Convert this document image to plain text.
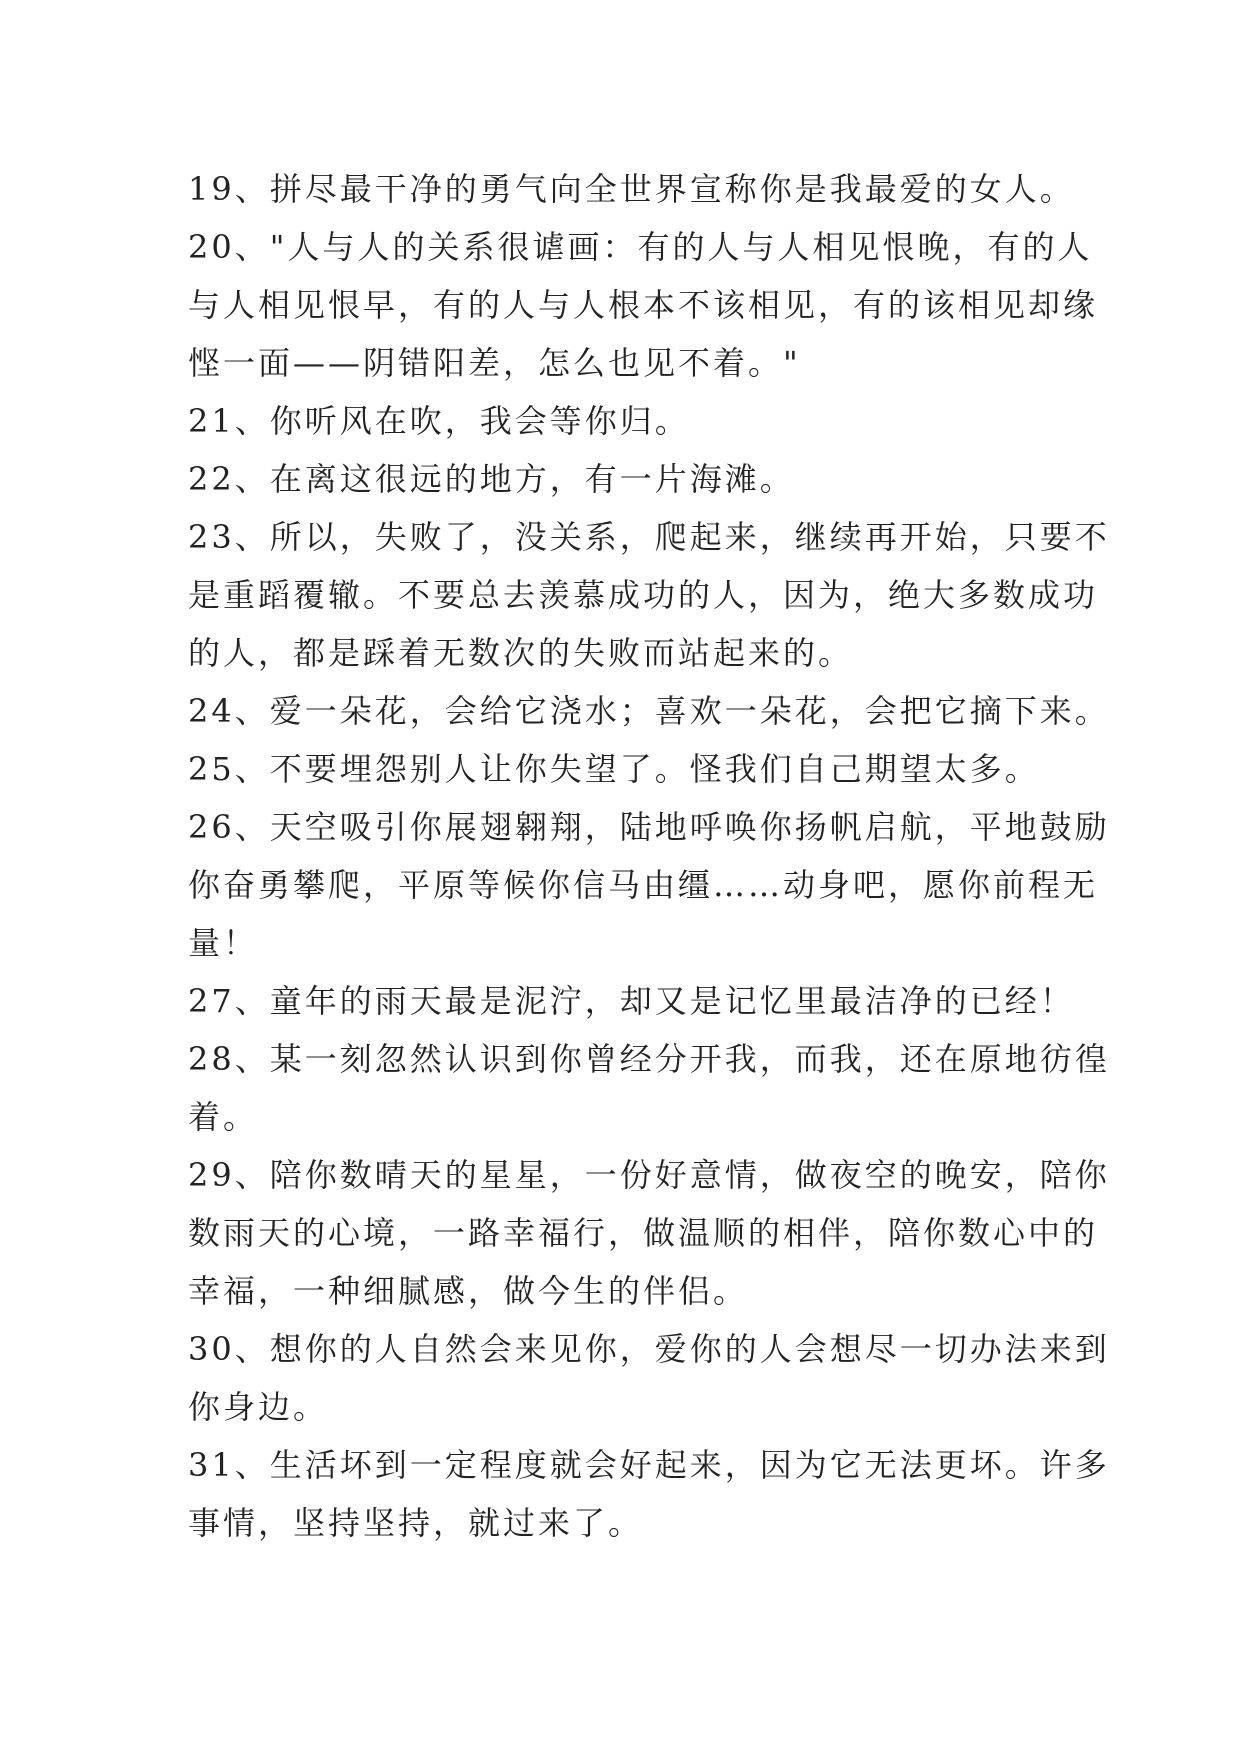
19、拼尽最干净的勇气向全世界宣称你是我最爱的女人。
20、"人与人的关系很谑画：有的人与人相见恨晚，有的人
与人相见恨早，有的人与人根本不该相见，有的该相见却缘
悭一面——阴错阳差，怎么也见不着。"
21、你听风在吹，我会等你归。
22、在离这很远的地方，有一片海滩。
23、所以，失败了，没关系，爬起来，继续再开始，只要不
是重蹈覆辙。不要总去羡慕成功的人，因为，绝大多数成功
的人，都是踩着无数次的失败而站起来的。
24、爱一朵花，会给它浇水；喜欢一朵花，会把它摘下来。
25、不要埋怨别人让你失望了。怪我们自己期望太多。
26、天空吸引你展翅翱翔，陆地呼唤你扬帆启航，平地鼓励
你奋勇攀爬，平原等候你信马由缰……动身吧，愿你前程无
量！
27、童年的雨天最是泥泞，却又是记忆里最洁净的已经！
28、某一刻忽然认识到你曾经分开我，而我，还在原地彷徨
着。
29、陪你数晴天的星星，一份好意情，做夜空的晚安，陪你
数雨天的心境，一路幸福行，做温顺的相伴，陪你数心中的
幸福，一种细腻感，做今生的伴侣。
30、想你的人自然会来见你，爱你的人会想尽一切办法来到
你身边。
31、生活坏到一定程度就会好起来，因为它无法更坏。许多
事情，坚持坚持，就过来了。
